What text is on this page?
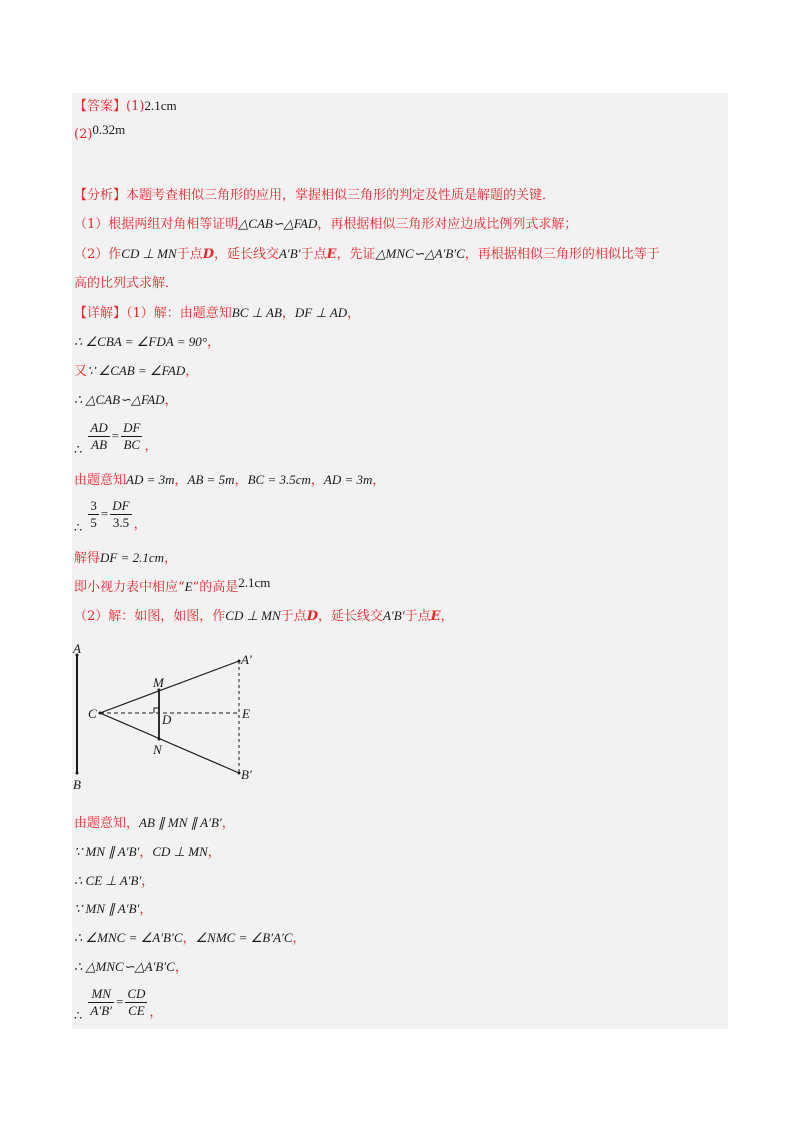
【答案】(1)2.1cm
(2)0.32m
【分析】本题考查相似三角形的应用，掌握相似三角形的判定及性质是解题的关键．
（1）根据两组对角相等证明△CAB∽△FAD，再根据相似三角形对应边成比例列式求解；
（2）作CD ⊥ MN于点D，延长线交A′B′于点E，先证△MNC∽△A′B′C，再根据相似三角形的相似比等于
高的比列式求解．
【详解】（1）解：由题意知BC ⊥ AB，DF ⊥ AD，
∴ ∠CBA = ∠FDA = 90°，
又∵ ∠CAB = ∠FAD，
∴ △CAB∽△FAD，
∴ $\frac{AD}{AB} = \frac{DF}{BC}$ ，
由题意知AD = 3m，AB = 5m，BC = 3.5cm，AD = 3m，
∴ $\frac{3}{5} = \frac{DF}{3.5}$ ，
解得DF = 2.1cm，
即小视力表中相应“E”的高是2.1cm
（2）解：如图，如图，作CD ⊥ MN于点D，延长线交A′B′于点E，
A
B
C	D	E
M
N
A′
B′
由题意知，AB ∥ MN ∥ A′B′，
∵ MN ∥ A′B′，CD ⊥ MN，
∴ CE ⊥ A′B′，
∵ MN ∥ A′B′，
∴ ∠MNC = ∠A′B′C，∠NMC = ∠B′A′C，
∴ △MNC∽△A′B′C，
∴ $\frac{MN}{A'B'} = \frac{CD}{CE}$ ，
